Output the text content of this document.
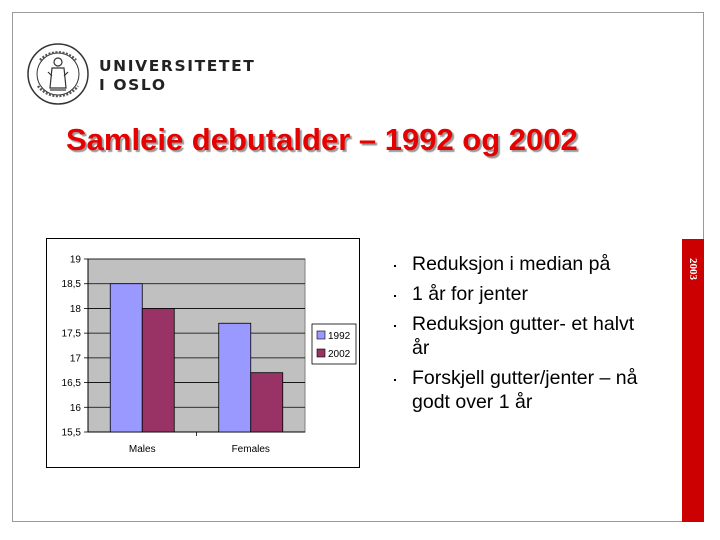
2003
UNIVERSITETET
I OSLO
Samleie debutalder – 1992 og 2002
15,5
16
16,5
17
17,5
18
18,5
19
Males	Females
1992
2002
Reduksjon i median på
1 år for jenter
Reduksjon gutter- et halvt år
Forskjell gutter/jenter – nå godt over 1 år
